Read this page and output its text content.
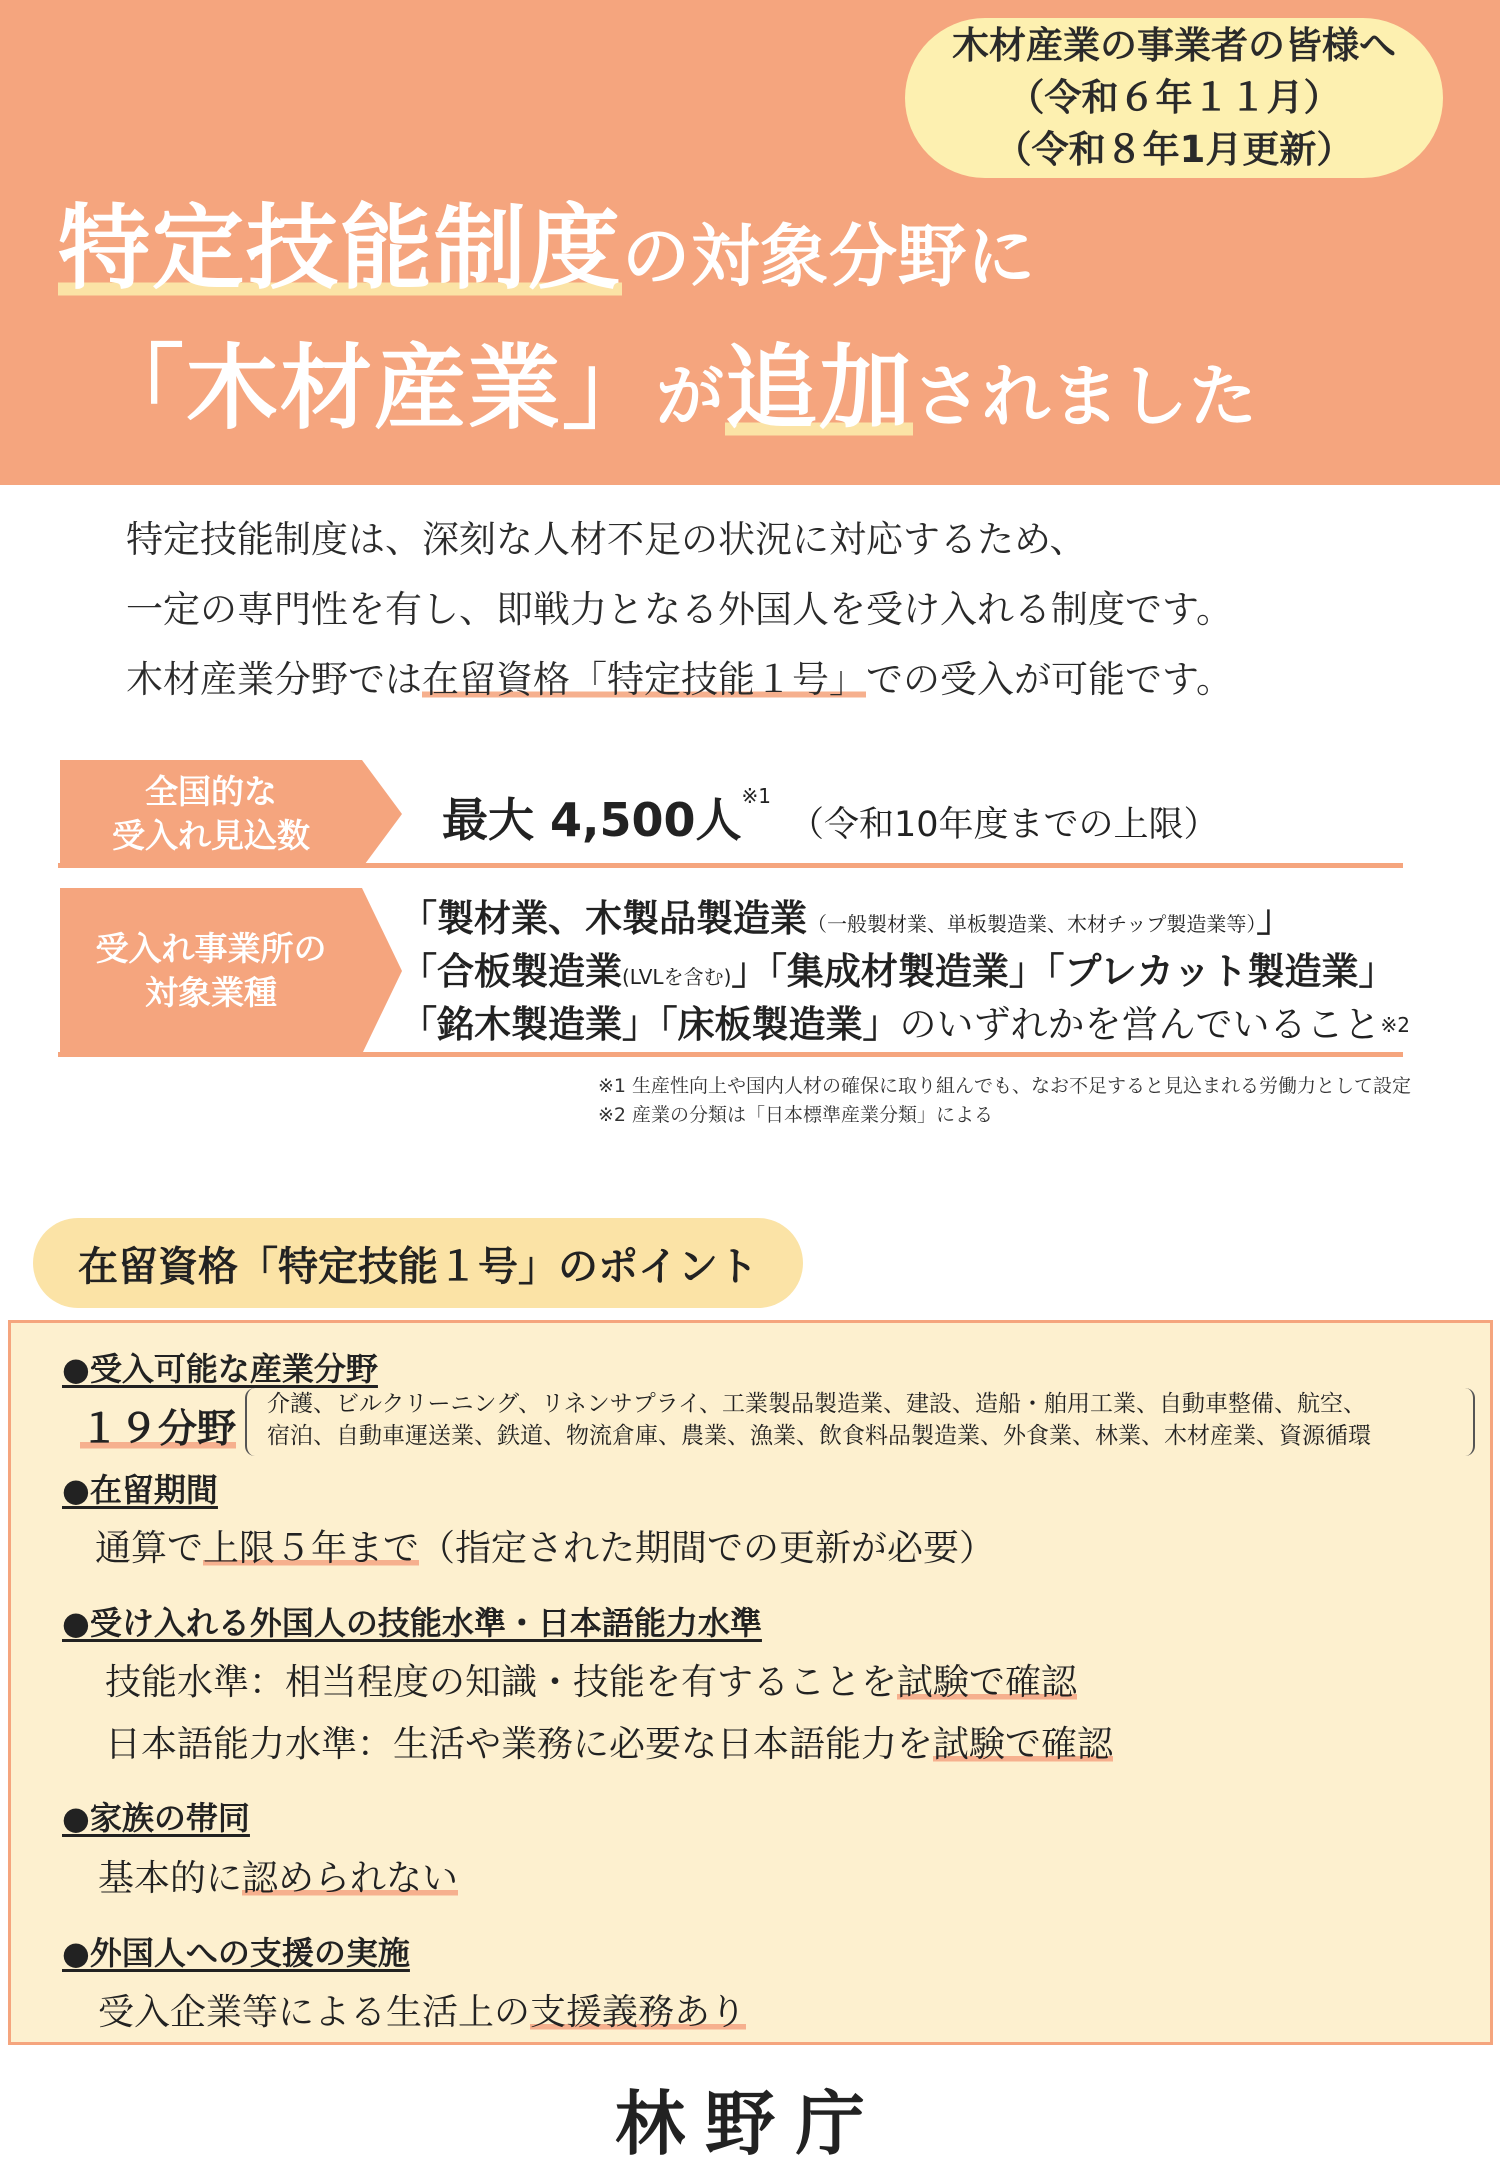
木材産業の事業者の皆様へ
（令和６年１１月）
（令和８年1月更新）
特定技能制度の対象分野に
「木材産業」が追加されました

特定技能制度は、深刻な人材不足の状況に対応するため、

一定の専門性を有し、即戦力となる外国人を受け入れる制度です。

木材産業分野では在留資格「特定技能１号」での受入が可能です。

全国的な
受入れ見込数	最大 4,500人$^{※1}$（令和10年度までの上限）
受入れ事業所の
対象業種
「製材業、木製品製造業（一般製材業、単板製造業、木材チップ製造業等）」
「合板製造業(LVLを含む)」「集成材製造業」「プレカット製造業」
「銘木製造業」「床板製造業」のいずれかを営んでいること$^{※2}$
※1 生産性向上や国内人材の確保に取り組んでも、なお不足すると見込まれる労働力として設定
※2 産業の分類は「日本標準産業分類」による
在留資格「特定技能１号」のポイント
●受入可能な産業分野
１９分野
介護、ビルクリーニング、リネンサプライ、工業製品製造業、建設、造船・舶用工業、自動車整備、航空、
宿泊、自動車運送業、鉄道、物流倉庫、農業、漁業、飲食料品製造業、外食業、林業、木材産業、資源循環
●在留期間
通算で上限５年まで（指定された期間での更新が必要）
●受け入れる外国人の技能水準・日本語能力水準
技能水準：相当程度の知識・技能を有することを試験で確認
日本語能力水準：生活や業務に必要な日本語能力を試験で確認
●家族の帯同
基本的に認められない
●外国人への支援の実施
受入企業等による生活上の支援義務あり
林野庁
